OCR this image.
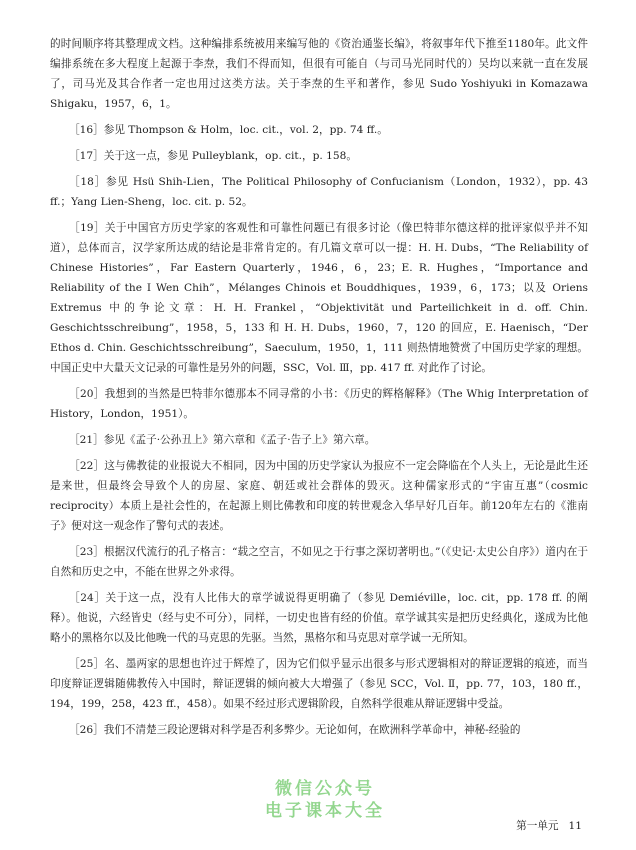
的时间顺序将其整理成文档。这种编排系统被用来编写他的《资治通鉴长编》，将叙事年代下推至1180年。此文件编排系统在多大程度上起源于李焘，我们不得而知，但很有可能自（与司马光同时代的）吴均以来就一直在发展了，司马光及其合作者一定也用过这类方法。关于李焘的生平和著作，参见 Sudo Yoshiyuki in Komazawa Shigaku，1957，6，1。

［16］参见 Thompson & Holm，loc. cit.，vol. 2，pp. 74 ff.。

［17］关于这一点，参见 Pulleyblank，op. cit.，p. 158。

［18］参见 Hsü Shih-Lien，The Political Philosophy of Confucianism（London，1932），pp. 43 ff.；Yang Lien-Sheng，loc. cit. p. 52。

［19］关于中国官方历史学家的客观性和可靠性问题已有很多讨论（像巴特菲尔德这样的批评家似乎并不知道），总体而言，汉学家所达成的结论是非常肯定的。有几篇文章可以一提：H. H. Dubs，“The Reliability of Chinese Histories”，Far Eastern Quarterly，1946，6，23；E. R. Hughes，“Importance and Reliability of the I Wen Chih”，Mélanges Chinois et Bouddhiques，1939，6，173；以及 Oriens Extremus 中的争论文章：H. H. Frankel，“Objektivität und Parteilichkeit in d. off. Chin. Geschichtsschreibung”，1958，5，133 和 H. H. Dubs，1960，7，120 的回应，E. Haenisch，“Der Ethos d. Chin. Geschichtsschreibung”，Saeculum，1950，1，111 则热情地赞赏了中国历史学家的理想。中国正史中大量天文记录的可靠性是另外的问题，SSC，Vol. Ⅲ，pp. 417 ff. 对此作了讨论。

［20］我想到的当然是巴特菲尔德那本不同寻常的小书：《历史的辉格解释》（The Whig Interpretation of History，London，1951）。

［21］参见《孟子·公孙丑上》第六章和《孟子·告子上》第六章。

［22］这与佛教徒的业报说大不相同，因为中国的历史学家认为报应不一定会降临在个人头上，无论是此生还是来世，但最终会导致个人的房屋、家庭、朝廷或社会群体的毁灭。这种儒家形式的“宇宙互惠”（cosmic reciprocity）本质上是社会性的，在起源上则比佛教和印度的转世观念入华早好几百年。前120年左右的《淮南子》便对这一观念作了警句式的表述。

［23］根据汉代流行的孔子格言：“载之空言，不如见之于行事之深切著明也。”（《史记·太史公自序》）道内在于自然和历史之中，不能在世界之外求得。

［24］关于这一点，没有人比伟大的章学诚说得更明确了（参见 Demiéville，loc. cit，pp. 178 ff. 的阐释）。他说，六经皆史（经与史不可分），同样，一切史也皆有经的价值。章学诚其实是把历史经典化，遂成为比他略小的黑格尔以及比他晚一代的马克思的先驱。当然，黑格尔和马克思对章学诚一无所知。

［25］名、墨两家的思想也许过于辉煌了，因为它们似乎显示出很多与形式逻辑相对的辩证逻辑的痕迹，而当印度辩证逻辑随佛教传入中国时，辩证逻辑的倾向被大大增强了（参见 SCC，Vol. Ⅱ，pp. 77，103，180 ff.，194，199，258，423 ff.，458）。如果不经过形式逻辑阶段，自然科学很难从辩证逻辑中受益。

［26］我们不清楚三段论逻辑对科学是否利多弊少。无论如何，在欧洲科学革命中，神秘-经验的

微信公众号
电子课本大全
第一单元 11
